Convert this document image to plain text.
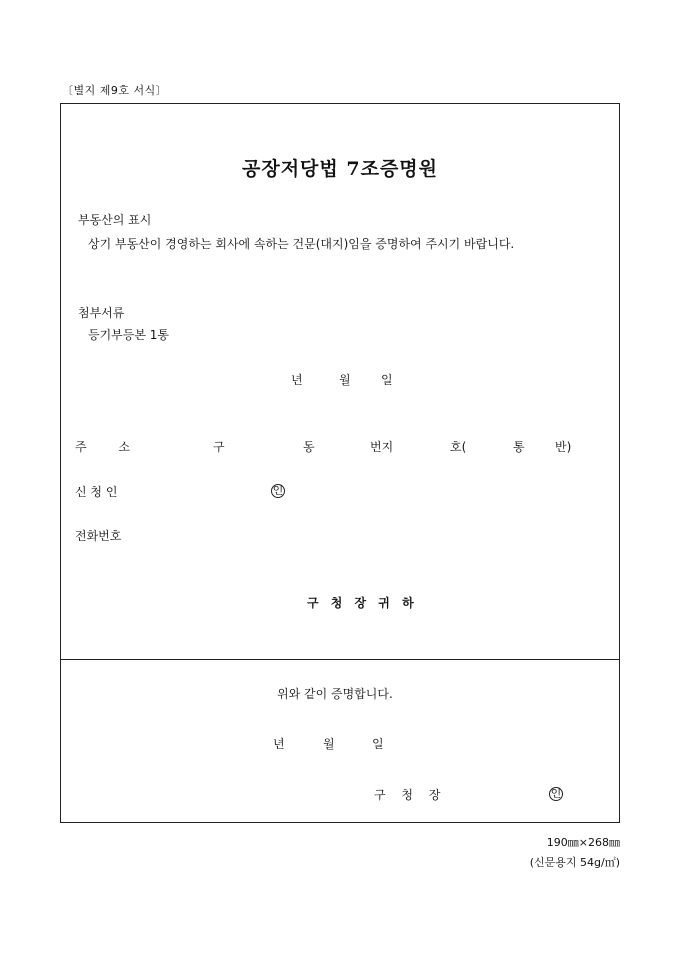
〔별지 제9호 서식〕
공장저당법 7조증명원
부동산의 표시
상기 부동산이 경영하는 회사에 속하는 건문(대지)임을 증명하여 주시기 바랍니다.
첨부서류
등기부등본 1통
년	월	일
주 소	구	동	번지	호(	통	반)
신 청 인	인
전화번호
구 청 장 귀 하
위와 같이 증명합니다.
년	월	일
구 청 장	인
190㎜×268㎜
(신문용지 54g/㎡)
